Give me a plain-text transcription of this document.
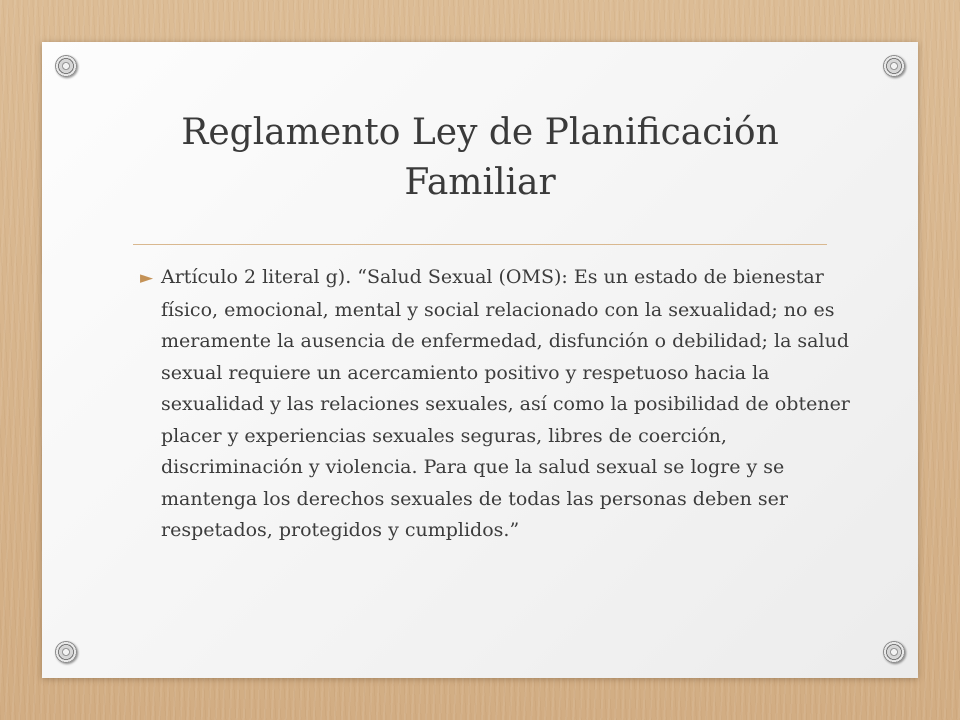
Reglamento Ley de Planificación
Familiar

► Artículo 2 literal g). “Salud Sexual (OMS): Es un estado de bienestar físico, emocional, mental y social relacionado con la sexualidad; no es meramente la ausencia de enfermedad, disfunción o debilidad; la salud sexual requiere un acercamiento positivo y respetuoso hacia la sexualidad y las relaciones sexuales, así como la posibilidad de obtener placer y experiencias sexuales seguras, libres de coerción, discriminación y violencia. Para que la salud sexual se logre y se mantenga los derechos sexuales de todas las personas deben ser respetados, protegidos y cumplidos.”
